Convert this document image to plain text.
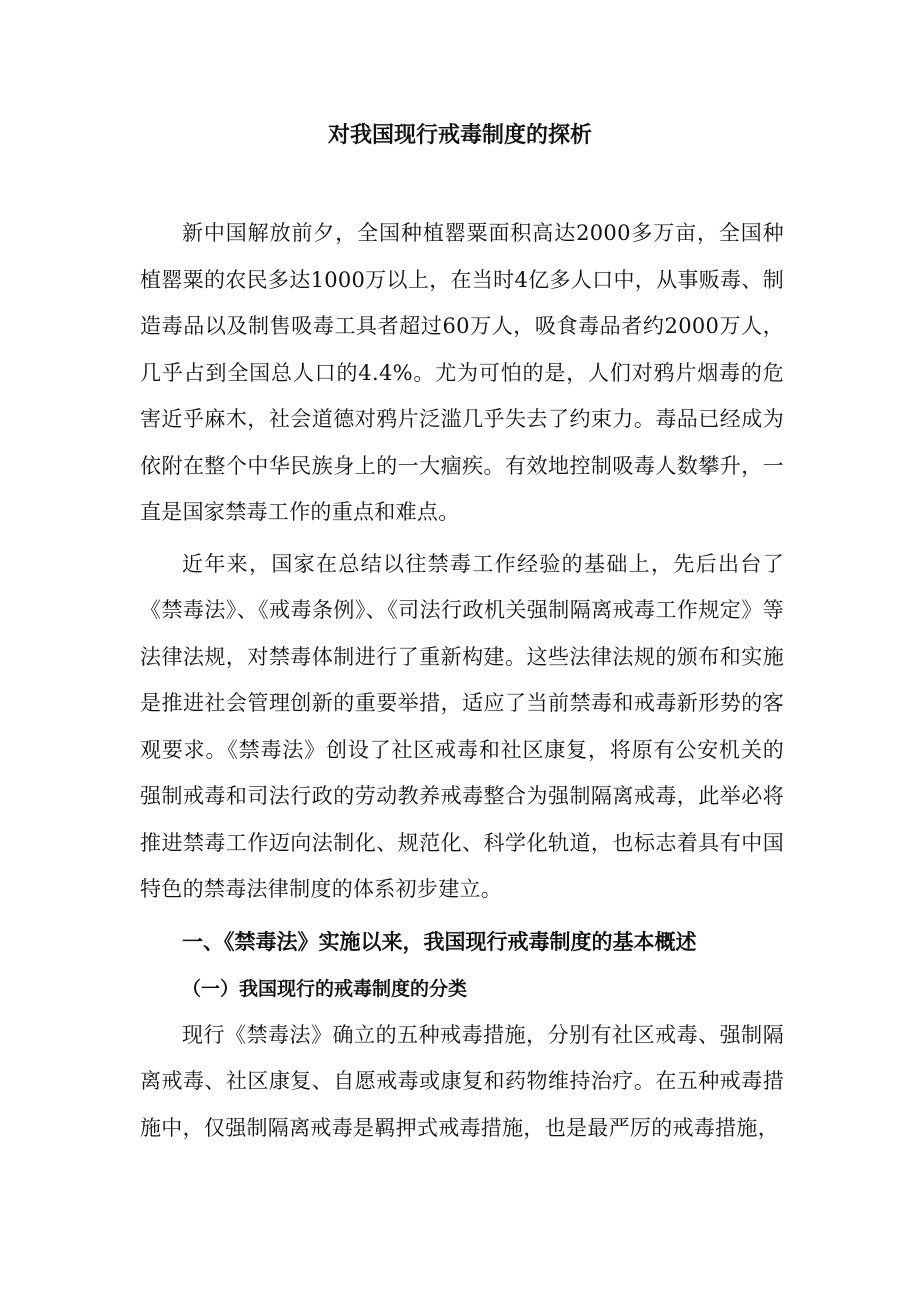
对我国现行戒毒制度的探析

新中国解放前夕，全国种植罂粟面积高达2000多万亩，全国种植罂粟的农民多达1000万以上，在当时4亿多人口中，从事贩毒、制造毒品以及制售吸毒工具者超过60万人，吸食毒品者约2000万人，几乎占到全国总人口的4.4%。尤为可怕的是，人们对鸦片烟毒的危害近乎麻木，社会道德对鸦片泛滥几乎失去了约束力。毒品已经成为依附在整个中华民族身上的一大痼疾。有效地控制吸毒人数攀升，一直是国家禁毒工作的重点和难点。

近年来，国家在总结以往禁毒工作经验的基础上，先后出台了《禁毒法》、《戒毒条例》、《司法行政机关强制隔离戒毒工作规定》等法律法规，对禁毒体制进行了重新构建。这些法律法规的颁布和实施是推进社会管理创新的重要举措，适应了当前禁毒和戒毒新形势的客观要求。《禁毒法》创设了社区戒毒和社区康复，将原有公安机关的强制戒毒和司法行政的劳动教养戒毒整合为强制隔离戒毒，此举必将推进禁毒工作迈向法制化、规范化、科学化轨道，也标志着具有中国特色的禁毒法律制度的体系初步建立。

一、《禁毒法》实施以来，我国现行戒毒制度的基本概述
（一）我国现行的戒毒制度的分类

现行《禁毒法》确立的五种戒毒措施，分别有社区戒毒、强制隔离戒毒、社区康复、自愿戒毒或康复和药物维持治疗。在五种戒毒措施中，仅强制隔离戒毒是羁押式戒毒措施，也是最严厉的戒毒措施，
